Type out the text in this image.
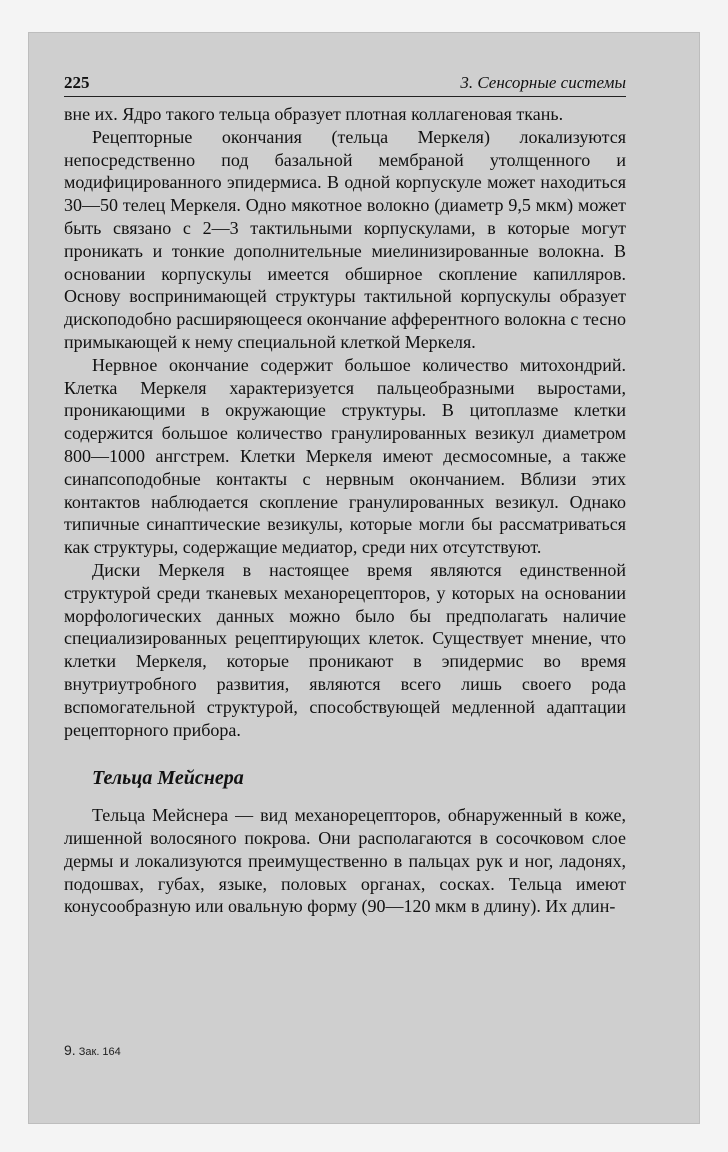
225	3. Сенсорные системы

вне их. Ядро такого тельца образует плотная коллагеновая ткань.

Рецепторные окончания (тельца Меркеля) локализуются непосредственно под базальной мембраной утолщенного и модифицированного эпидермиса. В одной корпускуле может находиться 30—50 телец Меркеля. Одно мякотное волокно (диаметр 9,5 мкм) может быть связано с 2—3 тактильными корпускулами, в которые могут проникать и тонкие дополнительные миелинизированные волокна. В основании корпускулы имеется обширное скопление капилляров. Основу воспринимающей структуры тактильной корпускулы образует дископодобно расширяющееся окончание афферентного волокна с тесно примыкающей к нему специальной клеткой Меркеля.

Нервное окончание содержит большое количество митохондрий. Клетка Меркеля характеризуется пальцеобразными выростами, проникающими в окружающие структуры. В цитоплазме клетки содержится большое количество гранулированных везикул диаметром 800—1000 ангстрем. Клетки Меркеля имеют десмосомные, а также синапсоподобные контакты с нервным окончанием. Вблизи этих контактов наблюдается скопление гранулированных везикул. Однако типичные синаптические везикулы, которые могли бы рассматриваться как структуры, содержащие медиатор, среди них отсутствуют.

Диски Меркеля в настоящее время являются единственной структурой среди тканевых механорецепторов, у которых на основании морфологических данных можно было бы предполагать наличие специализированных рецептирующих клеток. Существует мнение, что клетки Меркеля, которые проникают в эпидермис во время внутриутробного развития, являются всего лишь своего рода вспомогательной структурой, способствующей медленной адаптации рецепторного прибора.

Тельца Мейснера

Тельца Мейснера — вид механорецепторов, обнаруженный в коже, лишенной волосяного покрова. Они располагаются в сосочковом слое дермы и локализуются преимущественно в пальцах рук и ног, ладонях, подошвах, губах, языке, половых органах, сосках. Тельца имеют конусообразную или овальную форму (90—120 мкм в длину). Их длин-

9. Зак. 164
